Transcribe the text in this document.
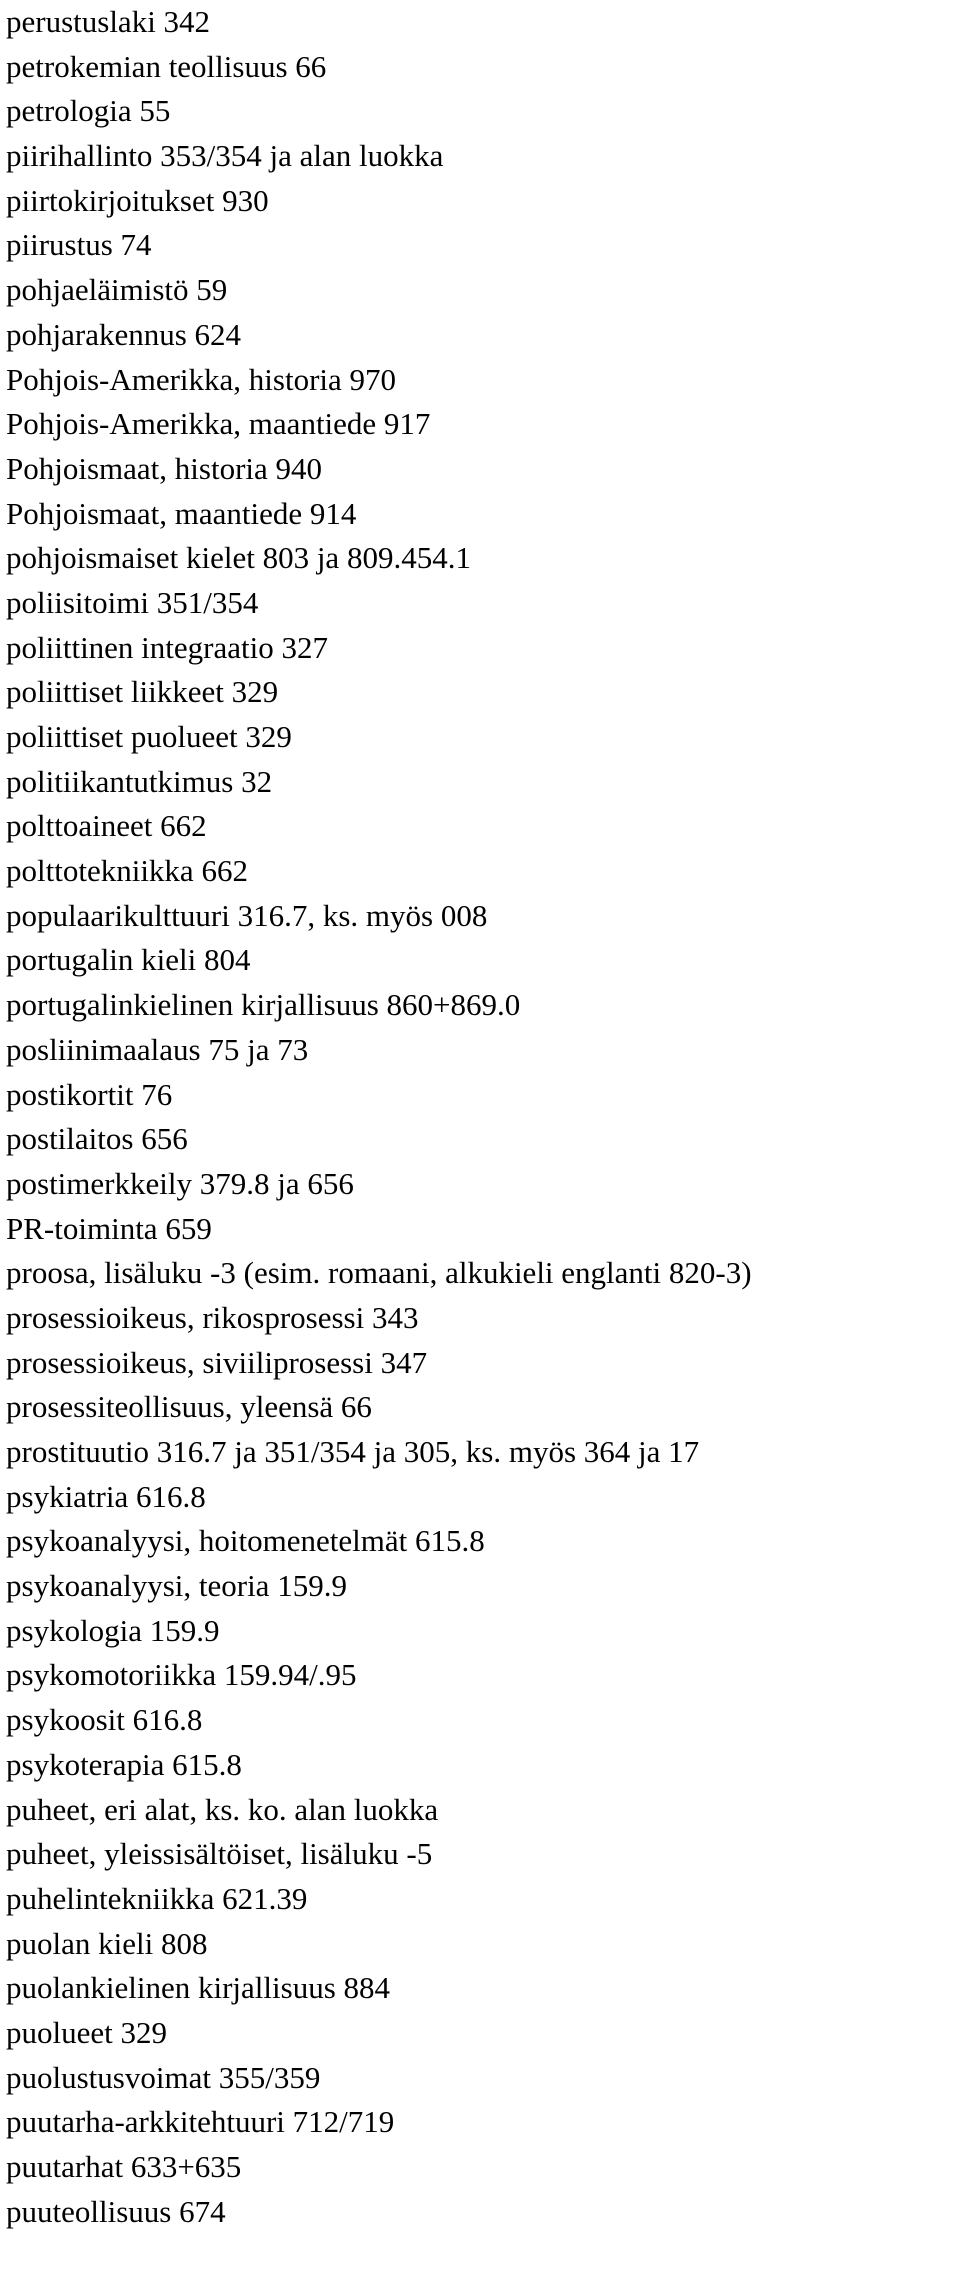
perustuslaki 342
petrokemian teollisuus 66
petrologia 55
piirihallinto 353/354 ja alan luokka
piirtokirjoitukset 930
piirustus 74
pohjaeläimistö 59
pohjarakennus 624
Pohjois-Amerikka, historia 970
Pohjois-Amerikka, maantiede 917
Pohjoismaat, historia 940
Pohjoismaat, maantiede 914
pohjoismaiset kielet 803 ja 809.454.1
poliisitoimi 351/354
poliittinen integraatio 327
poliittiset liikkeet 329
poliittiset puolueet 329
politiikantutkimus 32
polttoaineet 662
polttotekniikka 662
populaarikulttuuri 316.7, ks. myös 008
portugalin kieli 804
portugalinkielinen kirjallisuus 860+869.0
posliinimaalaus 75 ja 73
postikortit 76
postilaitos 656
postimerkkeily 379.8 ja 656
PR-toiminta 659
proosa, lisäluku -3 (esim. romaani, alkukieli englanti 820-3)
prosessioikeus, rikosprosessi 343
prosessioikeus, siviiliprosessi 347
prosessiteollisuus, yleensä 66
prostituutio 316.7 ja 351/354 ja 305, ks. myös 364 ja 17
psykiatria 616.8
psykoanalyysi, hoitomenetelmät 615.8
psykoanalyysi, teoria 159.9
psykologia 159.9
psykomotoriikka 159.94/.95
psykoosit 616.8
psykoterapia 615.8
puheet, eri alat, ks. ko. alan luokka
puheet, yleissisältöiset, lisäluku -5
puhelintekniikka 621.39
puolan kieli 808
puolankielinen kirjallisuus 884
puolueet 329
puolustusvoimat 355/359
puutarha-arkkitehtuuri 712/719
puutarhat 633+635
puuteollisuus 674
